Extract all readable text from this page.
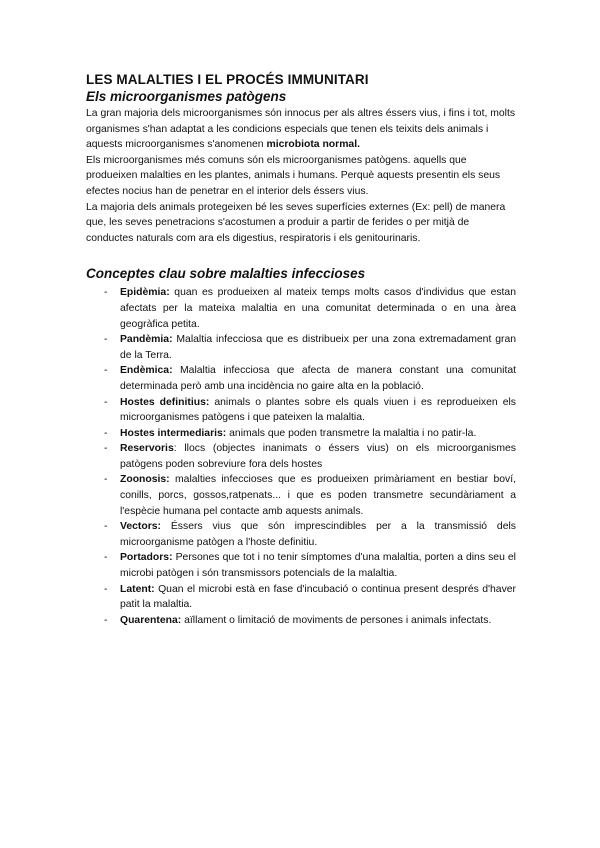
LES MALALTIES I EL PROCÉS IMMUNITARI
Els microorganismes patògens

La gran majoria dels microorganismes són innocus per als altres éssers vius, i fins i tot, molts organismes s'han adaptat a les condicions especials que tenen els teixits dels animals i aquests microorganismes s'anomenen microbiota normal.

Els microorganismes més comuns són els microorganismes patògens. aquells que produeixen malalties en les plantes, animals i humans. Perquè aquests presentin els seus efectes nocius han de penetrar en el interior dels éssers vius.

La majoria dels animals protegeixen bé les seves superfícies externes (Ex: pell) de manera que, les seves penetracions s'acostumen a produir a partir de ferides o per mitjà de conductes naturals com ara els digestius, respiratoris i els genitourinaris.

Conceptes clau sobre malalties infeccioses
- Epidèmia: quan es produeixen al mateix temps molts casos d'individus que estan afectats per la mateixa malaltia en una comunitat determinada o en una àrea geogràfica petita.
- Pandèmia: Malaltia infecciosa que es distribueix per una zona extremadament gran de la Terra.
- Endèmica: Malaltia infecciosa que afecta de manera constant una comunitat determinada però amb una incidència no gaire alta en la població.
- Hostes definitius: animals o plantes sobre els quals viuen i es reprodueixen els microorganismes patògens i que pateixen la malaltia.
- Hostes intermediaris: animals que poden transmetre la malaltia i no patir-la.
- Reservoris: llocs (objectes inanimats o éssers vius) on els microorganismes patògens poden sobreviure fora dels hostes
- Zoonosis: malalties infeccioses que es produeixen primàriament en bestiar boví, conills, porcs, gossos,ratpenats... i que es poden transmetre secundàriament a l'espècie humana pel contacte amb aquests animals.
- Vectors: Éssers vius que són imprescindibles per a la transmissió dels microorganisme patògen a l'hoste definitiu.
- Portadors: Persones que tot i no tenir símptomes d'una malaltia, porten a dins seu el microbi patògen i són transmissors potencials de la malaltia.
- Latent: Quan el microbi està en fase d'incubació o continua present després d'haver patit la malaltia.
- Quarentena: aïllament o limitació de moviments de persones i animals infectats.
